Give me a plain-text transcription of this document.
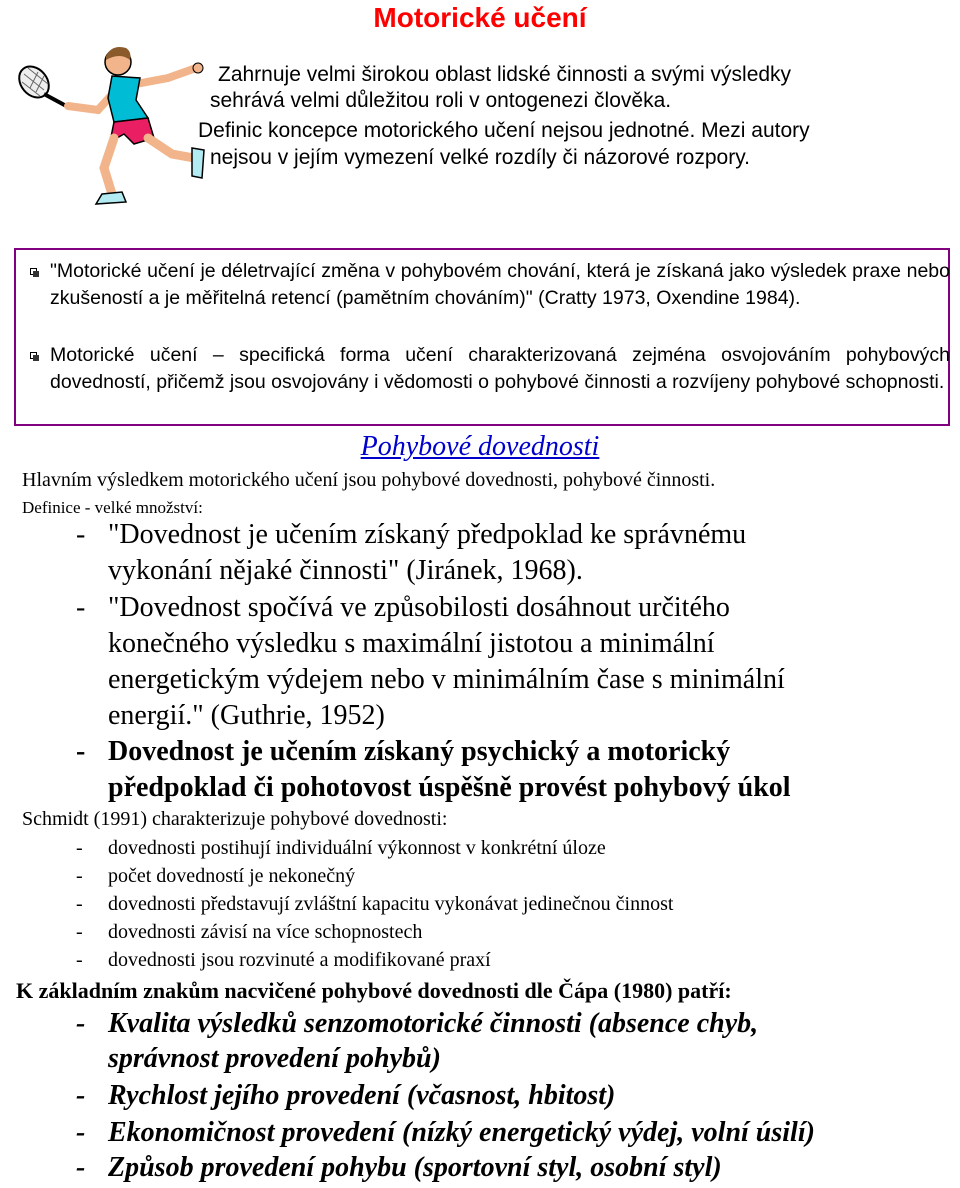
Motorické učení
Zahrnuje velmi širokou oblast lidské činnosti a svými výsledky
sehrává velmi důležitou roli v ontogenezi člověka.
Definic koncepce motorického učení nejsou jednotné. Mezi autory
nejsou v jejím vymezení velké rozdíly či názorové rozpory.
"Motorické učení je déletrvající změna v pohybovém chování, která je získaná jako výsledek praxe nebo zkušeností a je měřitelná retencí (pamětním chováním)" (Cratty 1973, Oxendine 1984).
Motorické učení – specifická forma učení charakterizovaná zejména osvojováním pohybových dovedností, přičemž jsou osvojovány i vědomosti o pohybové činnosti a rozvíjeny pohybové schopnosti.
Pohybové dovednosti
Hlavním výsledkem motorického učení jsou pohybové dovednosti, pohybové činnosti.
Definice - velké množství:
- "Dovednost je učením získaný předpoklad ke správnému
vykonání nějaké činnosti" (Jiránek, 1968).
- "Dovednost spočívá ve způsobilosti dosáhnout určitého
konečného výsledku s maximální jistotou a minimální
energetickým výdejem nebo v minimálním čase s minimální
energií." (Guthrie, 1952)
- Dovednost je učením získaný psychický a motorický
předpoklad či pohotovost úspěšně provést pohybový úkol
Schmidt (1991) charakterizuje pohybové dovednosti:
- dovednosti postihují individuální výkonnost v konkrétní úloze
- počet dovedností je nekonečný
- dovednosti představují zvláštní kapacitu vykonávat jedinečnou činnost
- dovednosti závisí na více schopnostech
- dovednosti jsou rozvinuté a modifikované praxí
K základním znakům nacvičené pohybové dovednosti dle Čápa (1980) patří:
- Kvalita výsledků senzomotorické činnosti (absence chyb,
správnost provedení pohybů)
- Rychlost jejího provedení (včasnost, hbitost)
- Ekonomičnost provedení (nízký energetický výdej, volní úsilí)
- Způsob provedení pohybu (sportovní styl, osobní styl)
